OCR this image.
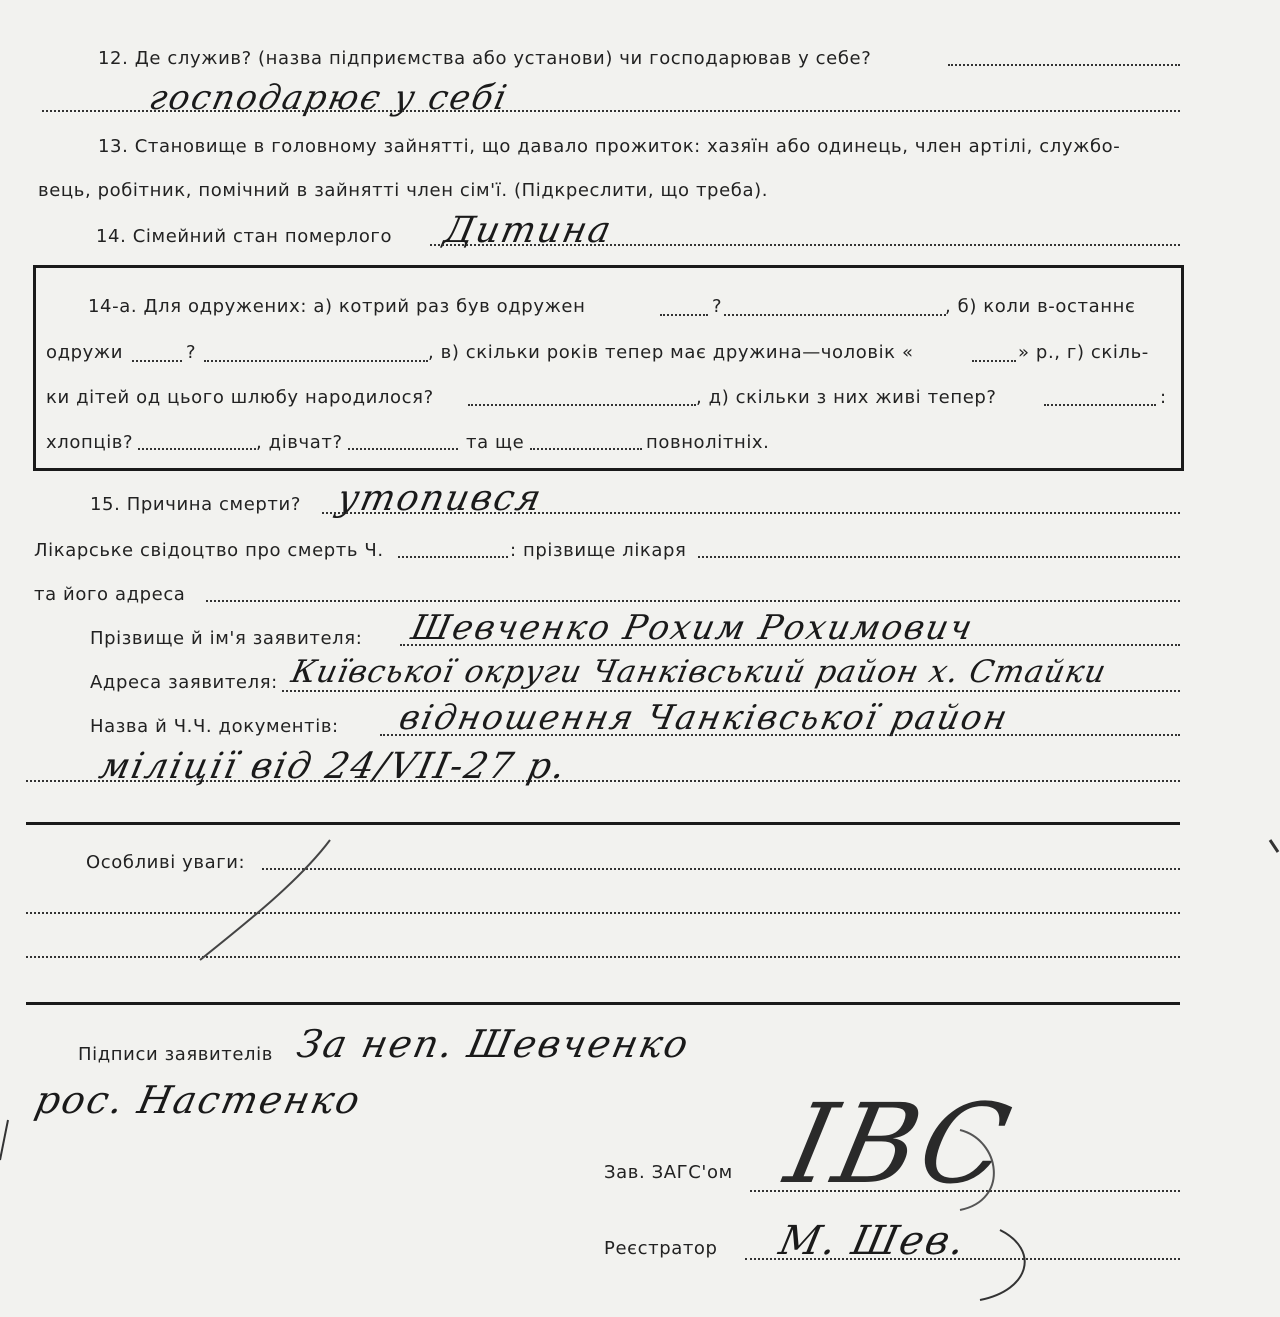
12. Де служив? (назва підприємства або установи) чи господарював у себе?
господарює у себі
13. Становище в головному зайнятті, що давало прожиток: хазяїн або одинець, член артілі, службо-
вець, робітник, помічний в зайнятті член сім'ї. (Підкреслити, що треба).
14. Сімейний стан померлого Дитина
14-а. Для одружених: а) котрий раз був одружен	?	, б) коли в-останнє
одружи	?	, в) скільки років тепер має дружина—чоловік «	» р., г) скіль-
ки дітей од цього шлюбу народилося?	, д) скільки з них живі тепер?	:
хлопців?	, дівчат?	та ще	повнолітніх.
15. Причина смерти? утопився
Лікарське свідоцтво про смерть Ч.	: прізвище лікаря
та його адреса
Прізвище й ім'я заявителя: Шевченко Рохим Рохимович
Адреса заявителя: Київської округи Чанківський район х. Стайки
Назва й Ч.Ч. документів: відношення Чанківської район
міліції від 24/VII-27 р.
Особливі уваги:
Підписи заявителів За неп. Шевченко
рос. Настенко
Зав. ЗАГС'ом ІВС
Реєстратор М. Шев.
